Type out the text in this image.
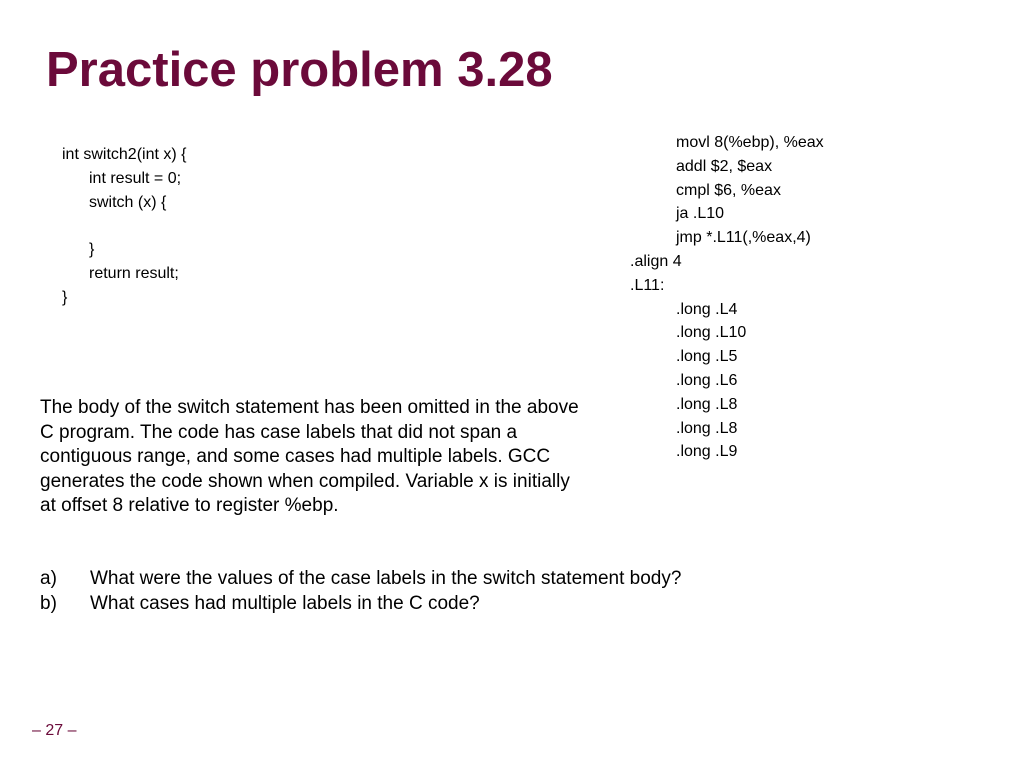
Practice problem 3.28
int switch2(int x) {
int result = 0;
switch (x) {
}
return result;
}
movl 8(%ebp), %eax
addl $2, $eax
cmpl $6, %eax
ja .L10
jmp *.L11(,%eax,4)
.align 4
.L11:
.long .L4
.long .L10
.long .L5
.long .L6
.long .L8
.long .L8
.long .L9

The body of the switch statement has been omitted in the above C program. The code has case labels that did not span a contiguous range, and some cases had multiple labels. GCC generates the code shown when compiled. Variable x is initially at offset 8 relative to register %ebp.

a)	What were the values of the case labels in the switch statement body?
b)	What cases had multiple labels in the C code?
– 27 –
